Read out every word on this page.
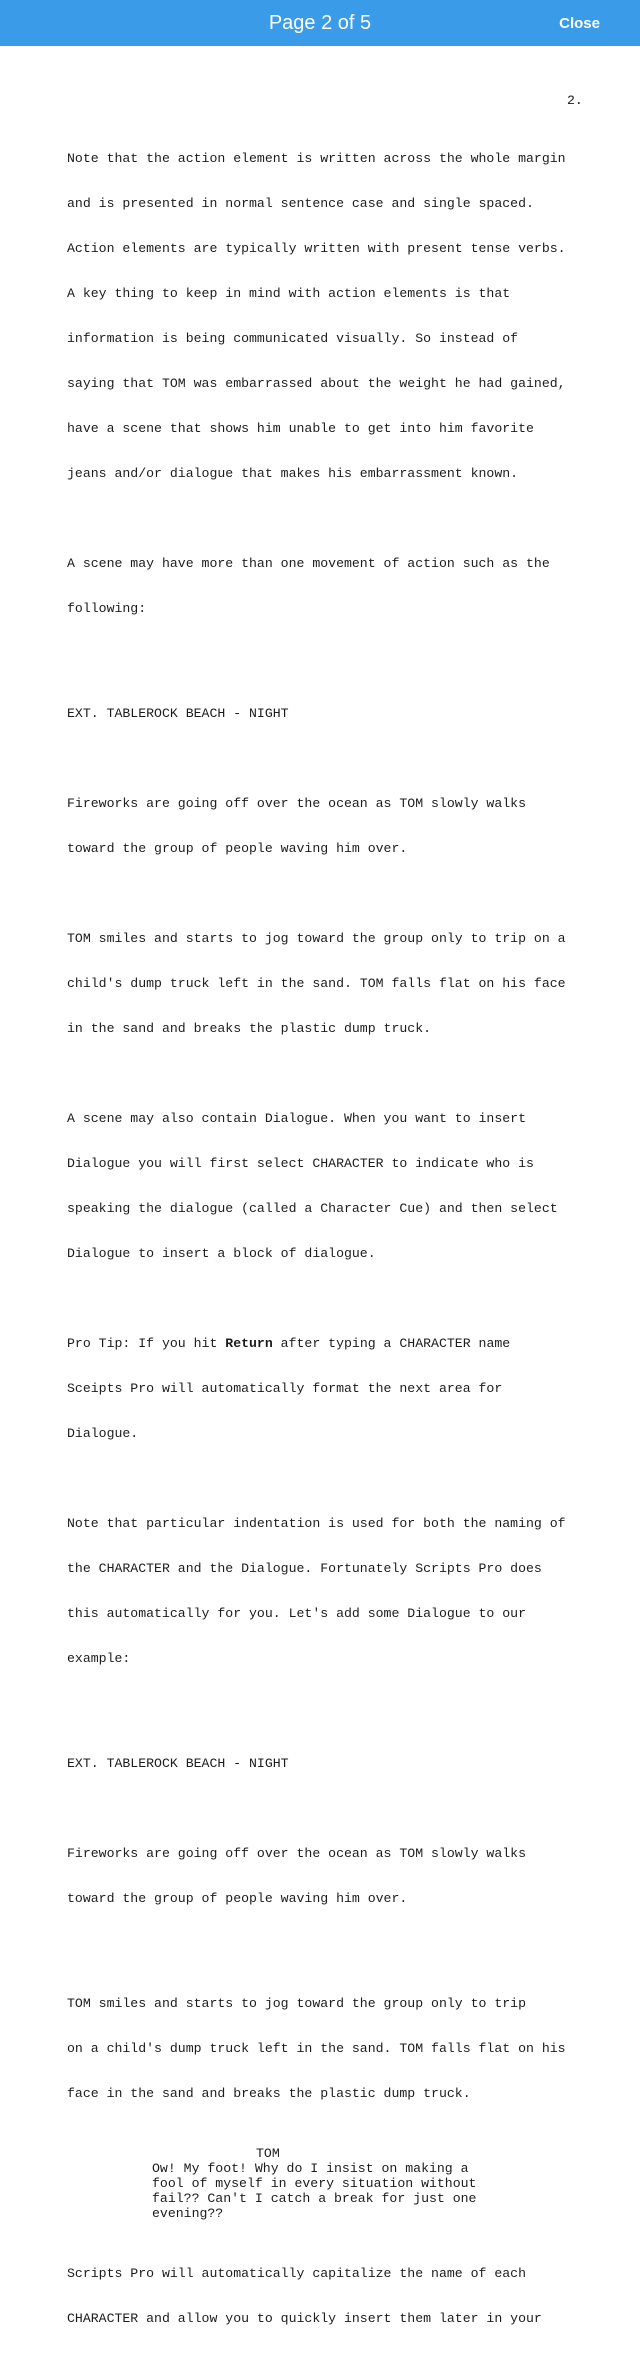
Page 2 of 5	Close
2.

Note that the action element is written across the whole margin

and is presented in normal sentence case and single spaced.

Action elements are typically written with present tense verbs.

A key thing to keep in mind with action elements is that

information is being communicated visually. So instead of

saying that TOM was embarrassed about the weight he had gained,

have a scene that shows him unable to get into him favorite

jeans and/or dialogue that makes his embarrassment known.

A scene may have more than one movement of action such as the

following:

EXT. TABLEROCK BEACH - NIGHT

Fireworks are going off over the ocean as TOM slowly walks

toward the group of people waving him over.

TOM smiles and starts to jog toward the group only to trip on a

child's dump truck left in the sand. TOM falls flat on his face

in the sand and breaks the plastic dump truck.

A scene may also contain Dialogue. When you want to insert

Dialogue you will first select CHARACTER to indicate who is

speaking the dialogue (called a Character Cue) and then select

Dialogue to insert a block of dialogue.

Pro Tip: If you hit Return after typing a CHARACTER name

Sceipts Pro will automatically format the next area for

Dialogue.

Note that particular indentation is used for both the naming of

the CHARACTER and the Dialogue. Fortunately Scripts Pro does

this automatically for you. Let's add some Dialogue to our

example:

EXT. TABLEROCK BEACH - NIGHT

Fireworks are going off over the ocean as TOM slowly walks

toward the group of people waving him over.

TOM smiles and starts to jog toward the group only to trip

on a child's dump truck left in the sand. TOM falls flat on his

face in the sand and breaks the plastic dump truck.

TOM
Ow! My foot! Why do I insist on making a
fool of myself in every situation without
fail?? Can't I catch a break for just one
evening??

Scripts Pro will automatically capitalize the name of each

CHARACTER and allow you to quickly insert them later in your
